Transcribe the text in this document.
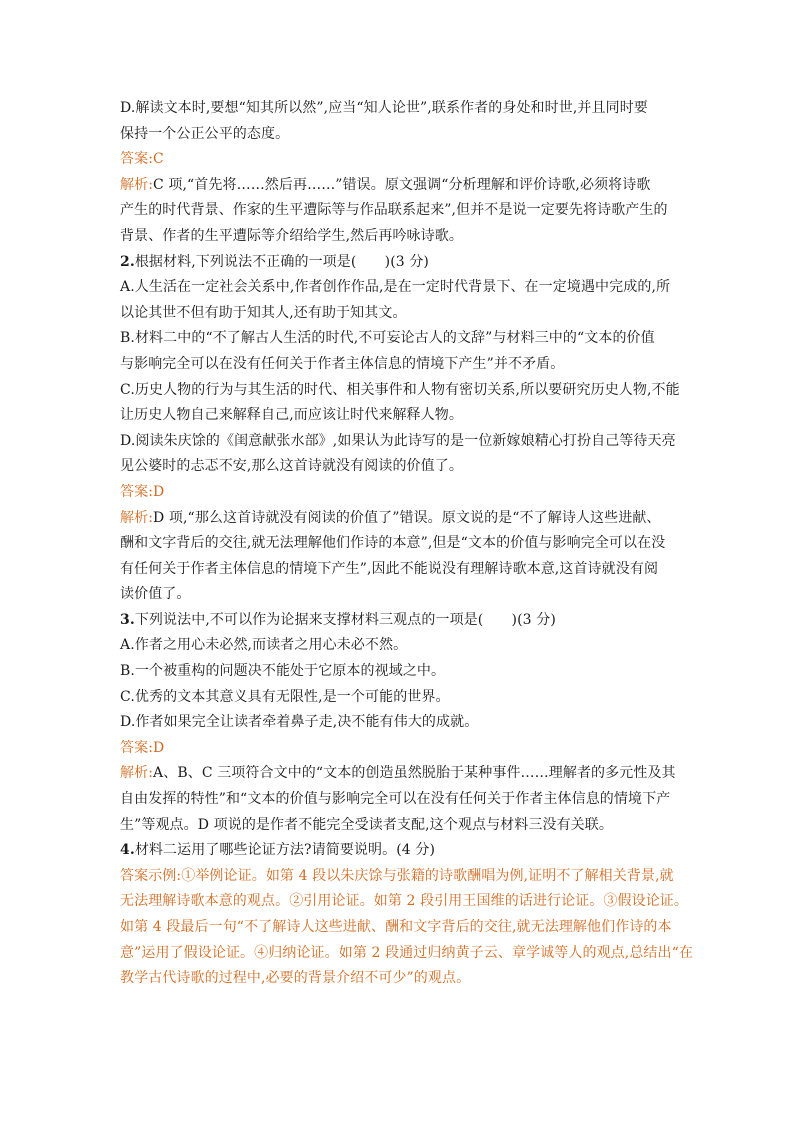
D.解读文本时,要想“知其所以然”,应当“知人论世”,联系作者的身处和时世,并且同时要
保持一个公正公平的态度。
答案:C
解析:C 项,“首先将……然后再……”错误。原文强调“分析理解和评价诗歌,必须将诗歌
产生的时代背景、作家的生平遭际等与作品联系起来”,但并不是说一定要先将诗歌产生的
背景、作者的生平遭际等介绍给学生,然后再吟咏诗歌。
2.根据材料,下列说法不正确的一项是(　　)(3 分)
A.人生活在一定社会关系中,作者创作作品,是在一定时代背景下、在一定境遇中完成的,所
以论其世不但有助于知其人,还有助于知其文。
B.材料二中的“不了解古人生活的时代,不可妄论古人的文辞”与材料三中的“文本的价值
与影响完全可以在没有任何关于作者主体信息的情境下产生”并不矛盾。
C.历史人物的行为与其生活的时代、相关事件和人物有密切关系,所以要研究历史人物,不能
让历史人物自己来解释自己,而应该让时代来解释人物。
D.阅读朱庆馀的《闺意献张水部》,如果认为此诗写的是一位新嫁娘精心打扮自己等待天亮
见公婆时的忐忑不安,那么这首诗就没有阅读的价值了。
答案:D
解析:D 项,“那么这首诗就没有阅读的价值了”错误。原文说的是“不了解诗人这些进献、
酬和文字背后的交往,就无法理解他们作诗的本意”,但是“文本的价值与影响完全可以在没
有任何关于作者主体信息的情境下产生”,因此不能说没有理解诗歌本意,这首诗就没有阅
读价值了。
3.下列说法中,不可以作为论据来支撑材料三观点的一项是(　　)(3 分)
A.作者之用心未必然,而读者之用心未必不然。
B.一个被重构的问题决不能处于它原本的视域之中。
C.优秀的文本其意义具有无限性,是一个可能的世界。
D.作者如果完全让读者牵着鼻子走,决不能有伟大的成就。
答案:D
解析:A、B、C 三项符合文中的“文本的创造虽然脱胎于某种事件……理解者的多元性及其
自由发挥的特性”和“文本的价值与影响完全可以在没有任何关于作者主体信息的情境下产
生”等观点。D 项说的是作者不能完全受读者支配,这个观点与材料三没有关联。
4.材料二运用了哪些论证方法?请简要说明。(4 分)
答案示例:①举例论证。如第 4 段以朱庆馀与张籍的诗歌酬唱为例,证明不了解相关背景,就
无法理解诗歌本意的观点。②引用论证。如第 2 段引用王国维的话进行论证。③假设论证。
如第 4 段最后一句“不了解诗人这些进献、酬和文字背后的交往,就无法理解他们作诗的本
意”运用了假设论证。④归纳论证。如第 2 段通过归纳黄子云、章学诚等人的观点,总结出“在
教学古代诗歌的过程中,必要的背景介绍不可少”的观点。
